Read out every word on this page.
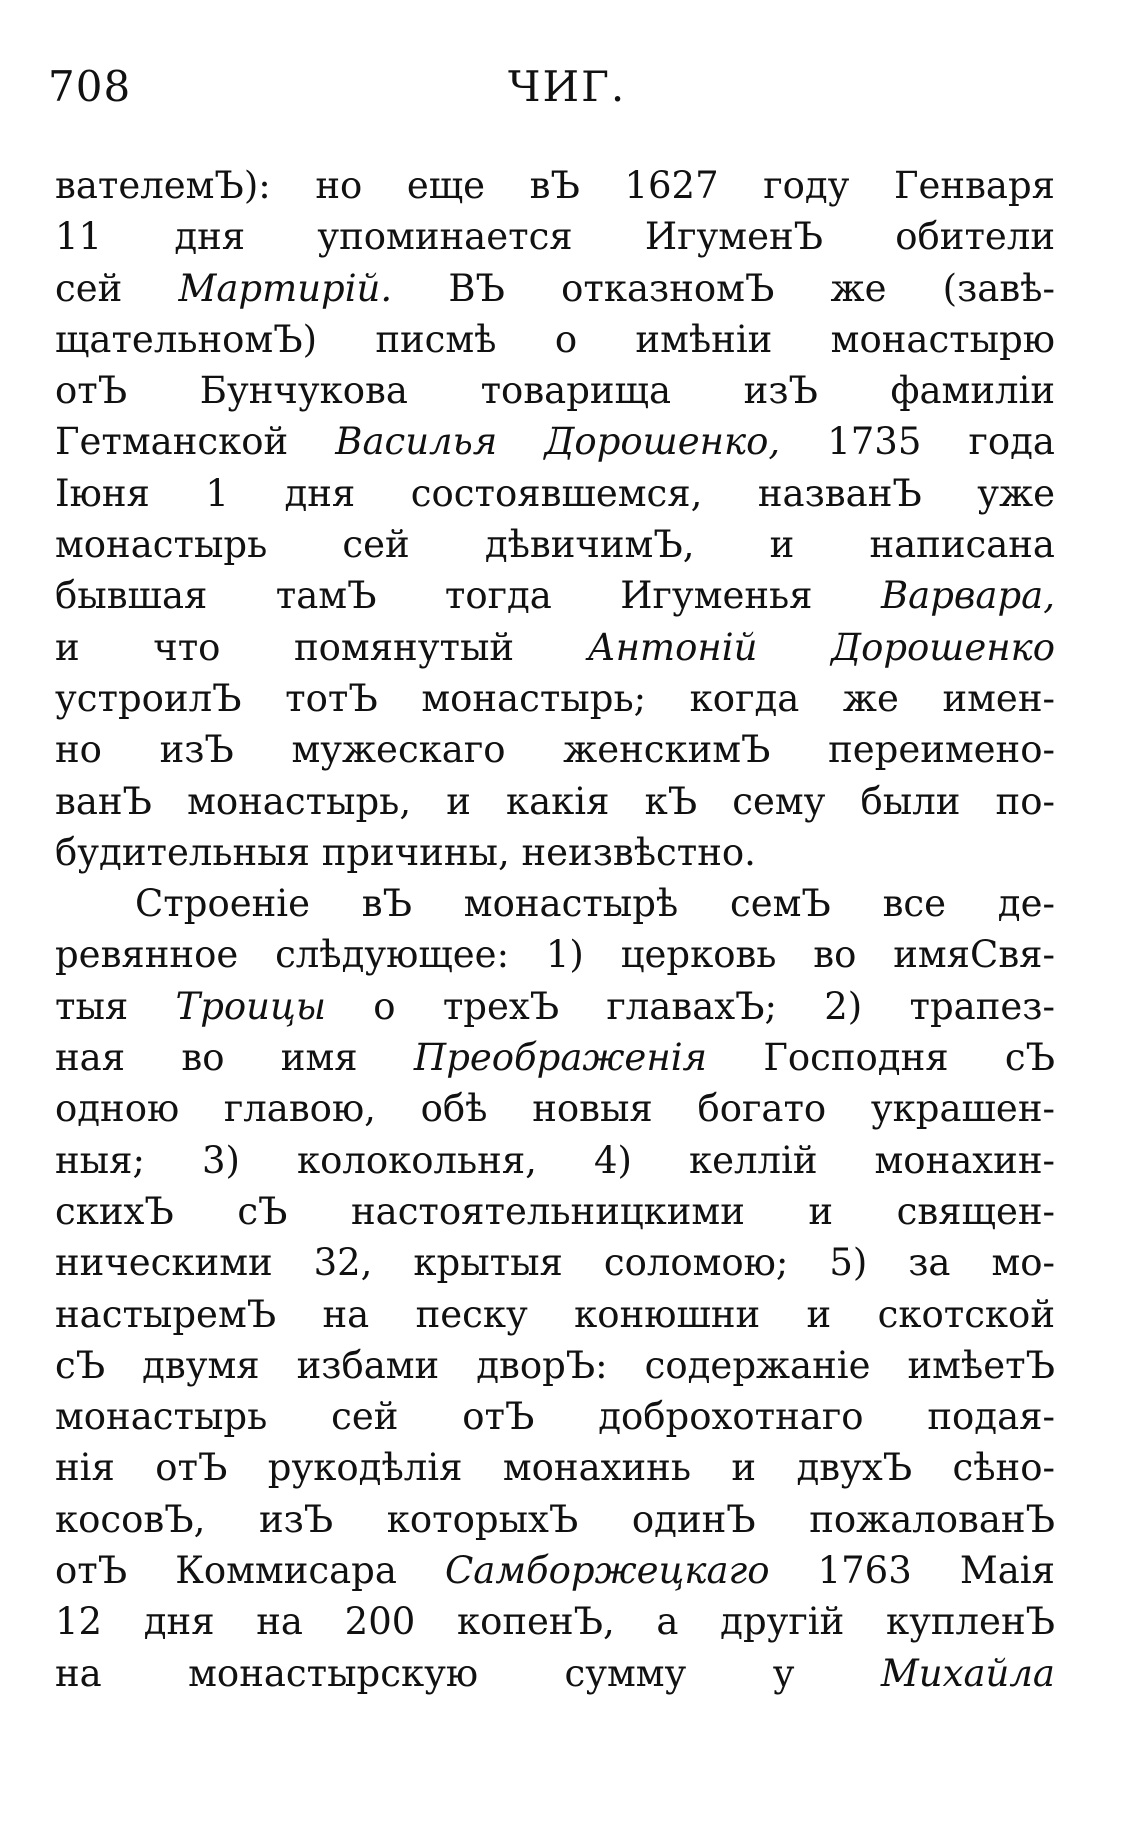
708	ЧИГ.
вателемЪ): но еще вЪ 1627 году Генваря
11 дня упоминается ИгуменЪ обители
сей Мартирiй. ВЪ отказномЪ же (завѣ-
щательномЪ) писмѣ о имѣнiи монастырю
отЪ Бунчукова товарища изЪ фамилiи
Гетманской Василья Дорошенко, 1735 года
Iюня 1 дня состоявшемся, названЪ уже
монастырь сей дѣвичимЪ, и написана
бывшая тамЪ тогда Игуменья Варвара,
и что помянутый Антонiй Дорошенко
устроилЪ тотЪ монастырь; когда же имен-
но изЪ мужескаго женскимЪ переимено-
ванЪ монастырь, и какiя кЪ сему были по-
будительныя причины, неизвѣстно.
Строенiе вЪ монастырѣ семЪ все де-
ревянное слѣдующее: 1) церковь во имяСвя-
тыя Троицы о трехЪ главахЪ; 2) трапез-
ная во имя Преображенiя Господня сЪ
одною главою, обѣ новыя богато украшен-
ныя; 3) колокольня, 4) келлiй монахин-
скихЪ сЪ настоятельницкими и священ-
ническими 32, крытыя соломою; 5) за мо-
настыремЪ на песку конюшни и скотской
сЪ двумя избами дворЪ: содержанiе имѣетЪ
монастырь сей отЪ доброхотнаго подая-
нiя отЪ рукодѣлiя монахинь и двухЪ сѣно-
косовЪ, изЪ которыхЪ одинЪ пожалованЪ
отЪ Коммисара Самборжецкаго 1763 Маiя
12 дня на 200 копенЪ, а другiй купленЪ
на монастырскую сумму у Михайла
